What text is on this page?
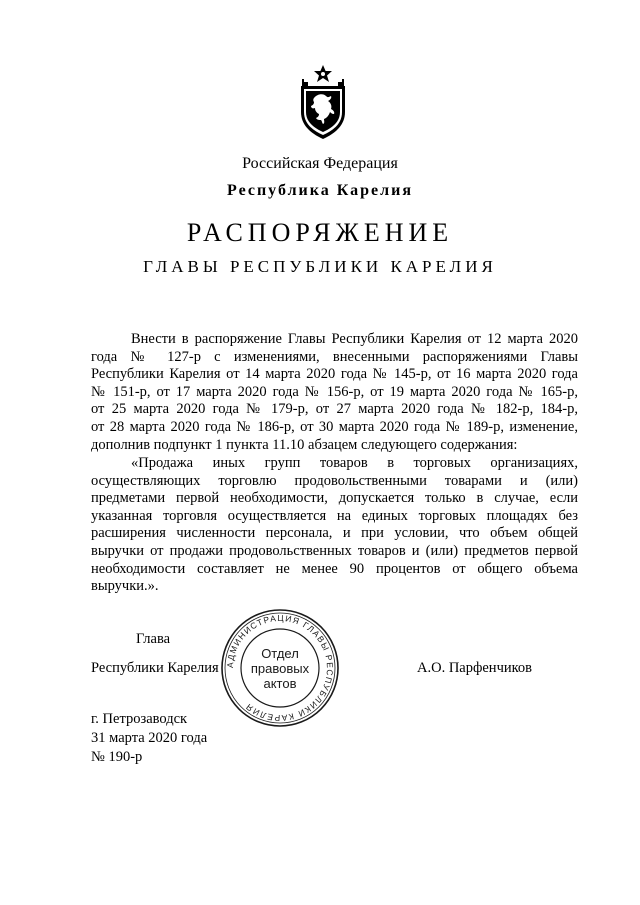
Российская Федерация
Республика Карелия
РАСПОРЯЖЕНИЕ
ГЛАВЫ РЕСПУБЛИКИ КАРЕЛИЯ
Внести в распоряжение Главы Республики Карелия от 12 марта 2020
года № 127-р с изменениями, внесенными распоряжениями Главы
Республики Карелия от 14 марта 2020 года № 145-р, от 16 марта 2020 года
№ 151-р, от 17 марта 2020 года № 156-р, от 19 марта 2020 года № 165-р,
от 25 марта 2020 года № 179-р, от 27 марта 2020 года № 182-р, 184-р,
от 28 марта 2020 года № 186-р, от 30 марта 2020 года № 189-р, изменение,
дополнив подпункт 1 пункта 11.10 абзацем следующего содержания:
«Продажа иных групп товаров в торговых организациях,
осуществляющих торговлю продовольственными товарами и (или)
предметами первой необходимости, допускается только в случае, если
указанная торговля осуществляется на единых торговых площадях без
расширения численности персонала, и при условии, что объем общей
выручки от продажи продовольственных товаров и (или) предметов первой
необходимости составляет не менее 90 процентов от общего объема
выручки.».
Глава
Республики Карелия	А.О. Парфенчиков
АДМИНИСТРАЦИЯ ГЛАВЫ РЕСПУБЛИКИ КАРЕЛИЯ
Отдел
правовых
актов
г. Петрозаводск
31 марта 2020 года
№ 190-р
